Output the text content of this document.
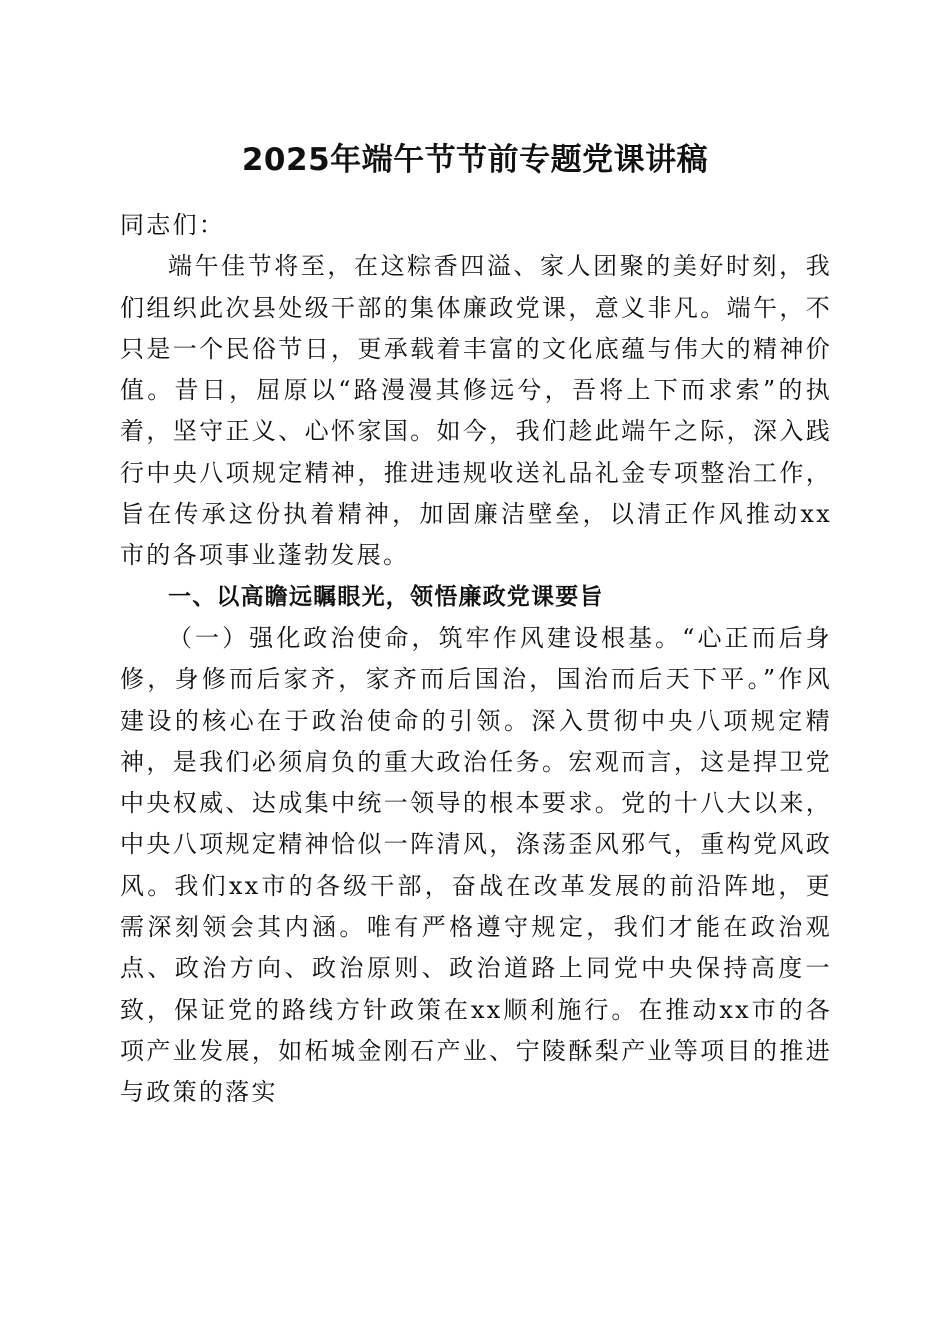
2025年端午节节前专题党课讲稿

同志们：

端午佳节将至，在这粽香四溢、家人团聚的美好时刻，我们组织此次县处级干部的集体廉政党课，意义非凡。端午，不只是一个民俗节日，更承载着丰富的文化底蕴与伟大的精神价值。昔日，屈原以“路漫漫其修远兮，吾将上下而求索”的执着，坚守正义、心怀家国。如今，我们趁此端午之际，深入践行中央八项规定精神，推进违规收送礼品礼金专项整治工作，旨在传承这份执着精神，加固廉洁壁垒，以清正作风推动xx市的各项事业蓬勃发展。

一、以高瞻远瞩眼光，领悟廉政党课要旨

（一）强化政治使命，筑牢作风建设根基。“心正而后身修，身修而后家齐，家齐而后国治，国治而后天下平。”作风建设的核心在于政治使命的引领。深入贯彻中央八项规定精神，是我们必须肩负的重大政治任务。宏观而言，这是捍卫党中央权威、达成集中统一领导的根本要求。党的十八大以来，中央八项规定精神恰似一阵清风，涤荡歪风邪气，重构党风政风。我们xx市的各级干部，奋战在改革发展的前沿阵地，更需深刻领会其内涵。唯有严格遵守规定，我们才能在政治观点、政治方向、政治原则、政治道路上同党中央保持高度一致，保证党的路线方针政策在xx顺利施行。在推动xx市的各项产业发展，如柘城金刚石产业、宁陵酥梨产业等项目的推进与政策的落实
